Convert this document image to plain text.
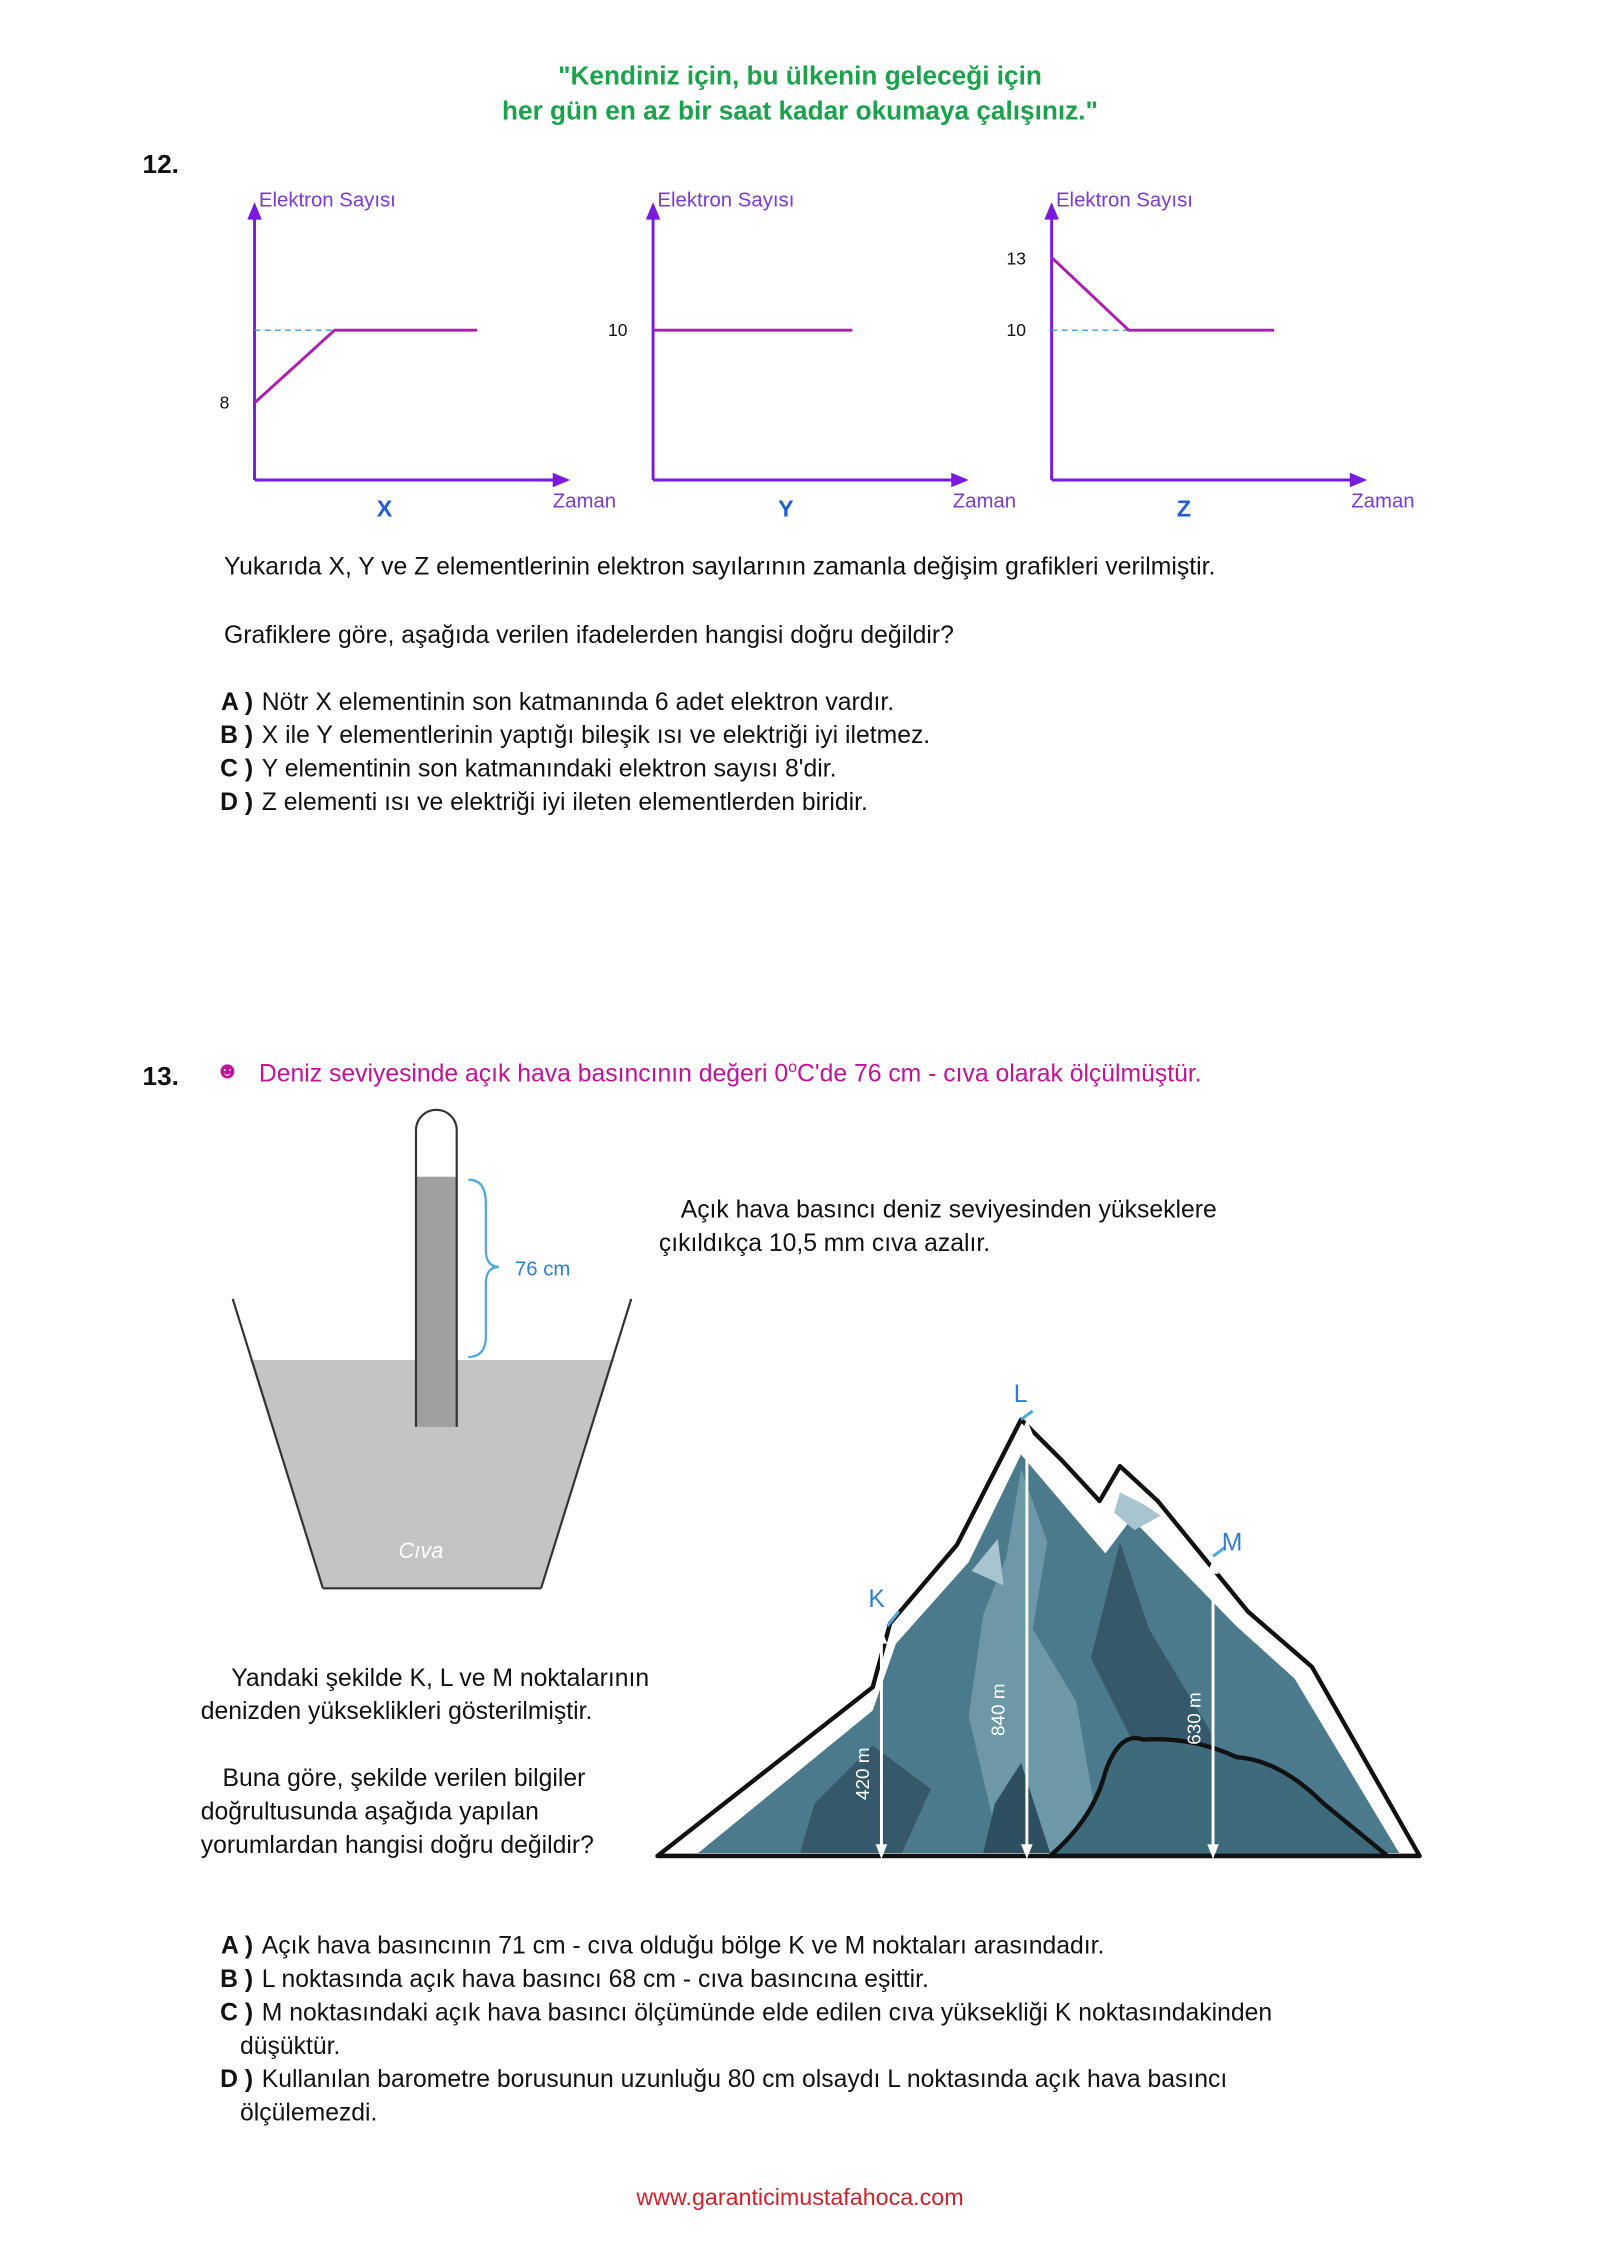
"Kendiniz için, bu ülkenin geleceği için
her gün en az bir saat kadar okumaya çalışınız."
12.
Elektron Sayısı
8
X	Zaman
Elektron Sayısı
10
Y	Zaman
Elektron Sayısı
13
10
Z	Zaman
Yukarıda X, Y ve Z elementlerinin elektron sayılarının zamanla değişim grafikleri verilmiştir.
Grafiklere göre, aşağıda verilen ifadelerden hangisi doğru değildir?
A ) Nötr X elementinin son katmanında 6 adet elektron vardır.
B ) X ile Y elementlerinin yaptığı bileşik ısı ve elektriği iyi iletmez.
C ) Y elementinin son katmanındaki elektron sayısı 8'dir.
D ) Z elementi ısı ve elektriği iyi ileten elementlerden biridir.
13. ☻ Deniz seviyesinde açık hava basıncının değeri 0$^o$C'de 76 cm - cıva olarak ölçülmüştür.
76 cm
Cıva
Açık hava basıncı deniz seviyesinden yükseklere
çıkıldıkça 10,5 mm cıva azalır.
L
K
M
420 m
840 m	630 m
Yandaki şekilde K, L ve M noktalarının
denizden yükseklikleri gösterilmiştir.
Buna göre, şekilde verilen bilgiler
doğrultusunda aşağıda yapılan
yorumlardan hangisi doğru değildir?
A ) Açık hava basıncının 71 cm - cıva olduğu bölge K ve M noktaları arasındadır.
B ) L noktasında açık hava basıncı 68 cm - cıva basıncına eşittir.
C ) M noktasındaki açık hava basıncı ölçümünde elde edilen cıva yüksekliği K noktasındakinden
düşüktür.
D ) Kullanılan barometre borusunun uzunluğu 80 cm olsaydı L noktasında açık hava basıncı
ölçülemezdi.
www.garanticimustafahoca.com
